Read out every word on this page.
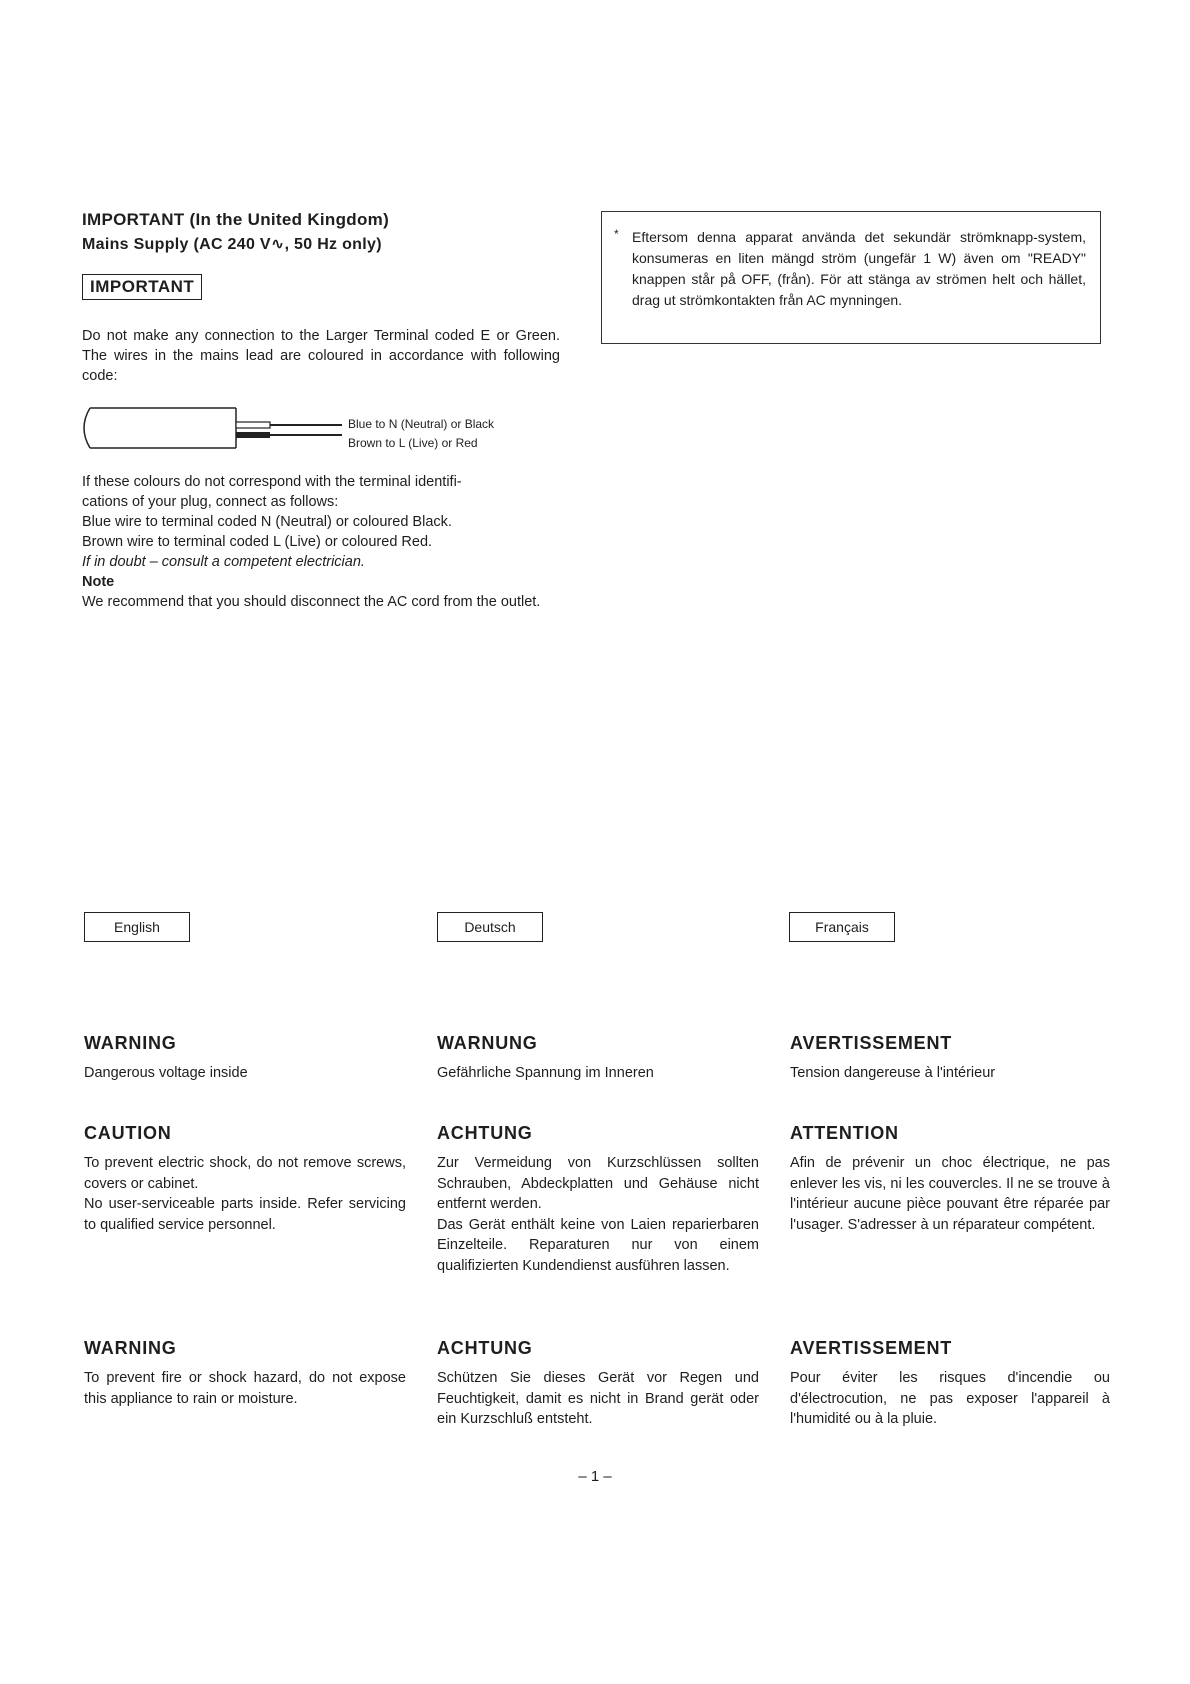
IMPORTANT (In the United Kingdom)
Mains Supply (AC 240 V∿, 50 Hz only)
IMPORTANT
Do not make any connection to the Larger Terminal coded E or Green. The wires in the mains lead are coloured in accordance with following code:
Blue to N (Neutral) or Black
Brown to L (Live) or Red
If these colours do not correspond with the terminal identifi-
cations of your plug, connect as follows:
Blue wire to terminal coded N (Neutral) or coloured Black.
Brown wire to terminal coded L (Live) or coloured Red.
If in doubt – consult a competent electrician.
Note
We recommend that you should disconnect the AC cord from the outlet.
* Eftersom denna apparat använda det sekundär strömknapp-system, konsumeras en liten mängd ström (ungefär 1 W) även om "READY" knappen står på OFF, (från). För att stänga av strömen helt och hället, drag ut strömkontakten från AC mynningen.
English	Deutsch	Français
WARNING
Dangerous voltage inside
CAUTION
To prevent electric shock, do not remove screws, covers or cabinet.
No user-serviceable parts inside. Refer servicing to qualified service personnel.
WARNING
To prevent fire or shock hazard, do not expose this appliance to rain or moisture.
WARNUNG
Gefährliche Spannung im Inneren
ACHTUNG
Zur Vermeidung von Kurzschlüssen sollten Schrauben, Abdeckplatten und Gehäuse nicht entfernt werden.
Das Gerät enthält keine von Laien reparierbaren Einzelteile. Reparaturen nur von einem qualifizierten Kundendienst ausführen lassen.
ACHTUNG
Schützen Sie dieses Gerät vor Regen und Feuchtigkeit, damit es nicht in Brand gerät oder ein Kurzschluß entsteht.
AVERTISSEMENT
Tension dangereuse à l'intérieur
ATTENTION
Afin de prévenir un choc électrique, ne pas enlever les vis, ni les couvercles. Il ne se trouve à l'intérieur aucune pièce pouvant être réparée par l'usager. S'adresser à un réparateur compétent.
AVERTISSEMENT
Pour éviter les risques d'incendie ou d'électrocution, ne pas exposer l'appareil à l'humidité ou à la pluie.
– 1 –
